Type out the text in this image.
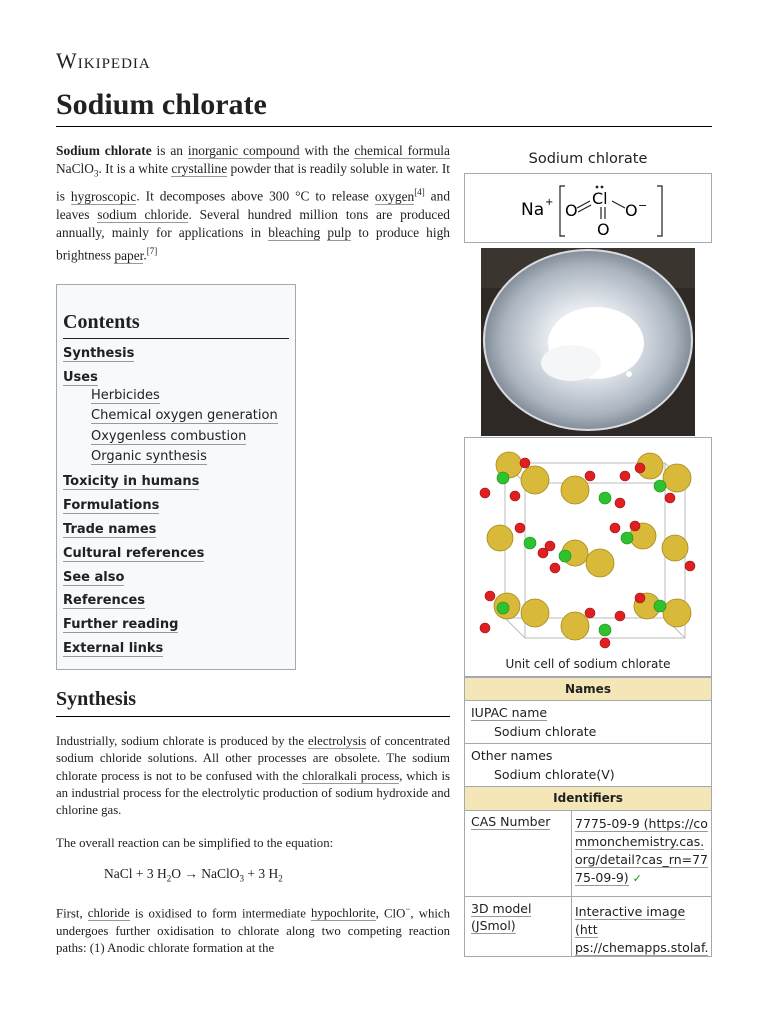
Wikipedia
Sodium chlorate

Sodium chlorate is an inorganic compound with the chemical formula NaClO$_3$. It is a white crystalline powder that is readily soluble in water. It is hygroscopic. It decomposes above 300 °C to release oxygen[4] and leaves sodium chloride. Several hundred million tons are produced annually, mainly for applications in bleaching pulp to produce high brightness paper.[7]

Contents
Synthesis
Uses
Herbicides
Chemical oxygen generation
Oxygenless combustion
Organic synthesis
Toxicity in humans
Formulations
Trade names
Cultural references
See also
References
Further reading
External links
Synthesis

Industrially, sodium chlorate is produced by the electrolysis of concentrated sodium chloride solutions. All other processes are obsolete. The sodium chlorate process is not to be confused with the chloralkali process, which is an industrial process for the electrolytic production of sodium hydroxide and chlorine gas.

The overall reaction can be simplified to the equation:

NaCl + 3 $H_2O$ → NaClO$_3$ + 3 $H_2$

First, chloride is oxidised to form intermediate hypochlorite, ClO−, which undergoes further oxidisation to chlorate along two competing reaction paths: (1) Anodic chlorate formation at the

Sodium chlorate
Na + O
Cl
O −
O
Unit cell of sodium chlorate
Names
IUPAC name
Sodium chlorate
Other names
Sodium chlorate(V)
Identifiers
CAS Number 7775-09-9 (https://co
mmonchemistry.cas.
org/detail?cas_rn=77
75-09-9) ✓
3D model
(JSmol)
Interactive image (htt
ps://chemapps.stolaf.
